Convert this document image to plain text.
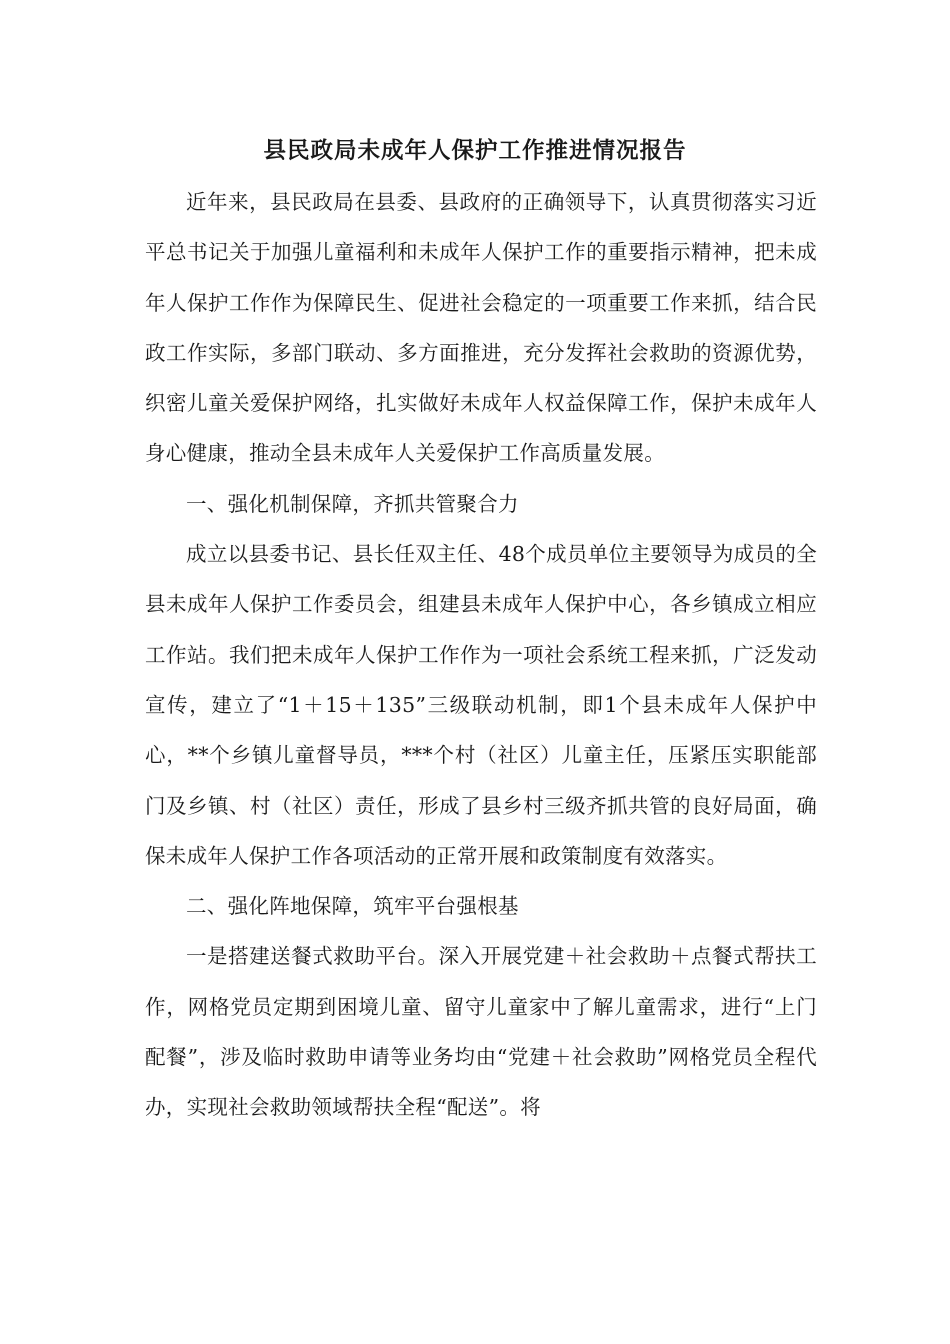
县民政局未成年人保护工作推进情况报告

近年来，县民政局在县委、县政府的正确领导下，认真贯彻落实习近平总书记关于加强儿童福利和未成年人保护工作的重要指示精神，把未成年人保护工作作为保障民生、促进社会稳定的一项重要工作来抓，结合民政工作实际，多部门联动、多方面推进，充分发挥社会救助的资源优势，织密儿童关爱保护网络，扎实做好未成年人权益保障工作，保护未成年人身心健康，推动全县未成年人关爱保护工作高质量发展。

一、强化机制保障，齐抓共管聚合力

成立以县委书记、县长任双主任、48个成员单位主要领导为成员的全县未成年人保护工作委员会，组建县未成年人保护中心，各乡镇成立相应工作站。我们把未成年人保护工作作为一项社会系统工程来抓，广泛发动宣传，建立了“1＋15＋135”三级联动机制，即1个县未成年人保护中心，**个乡镇儿童督导员，***个村（社区）儿童主任，压紧压实职能部门及乡镇、村（社区）责任，形成了县乡村三级齐抓共管的良好局面，确保未成年人保护工作各项活动的正常开展和政策制度有效落实。

二、强化阵地保障，筑牢平台强根基

一是搭建送餐式救助平台。深入开展党建＋社会救助＋点餐式帮扶工作，网格党员定期到困境儿童、留守儿童家中了解儿童需求，进行“上门配餐”，涉及临时救助申请等业务均由“党建＋社会救助”网格党员全程代办，实现社会救助领域帮扶全程“配送”。将
